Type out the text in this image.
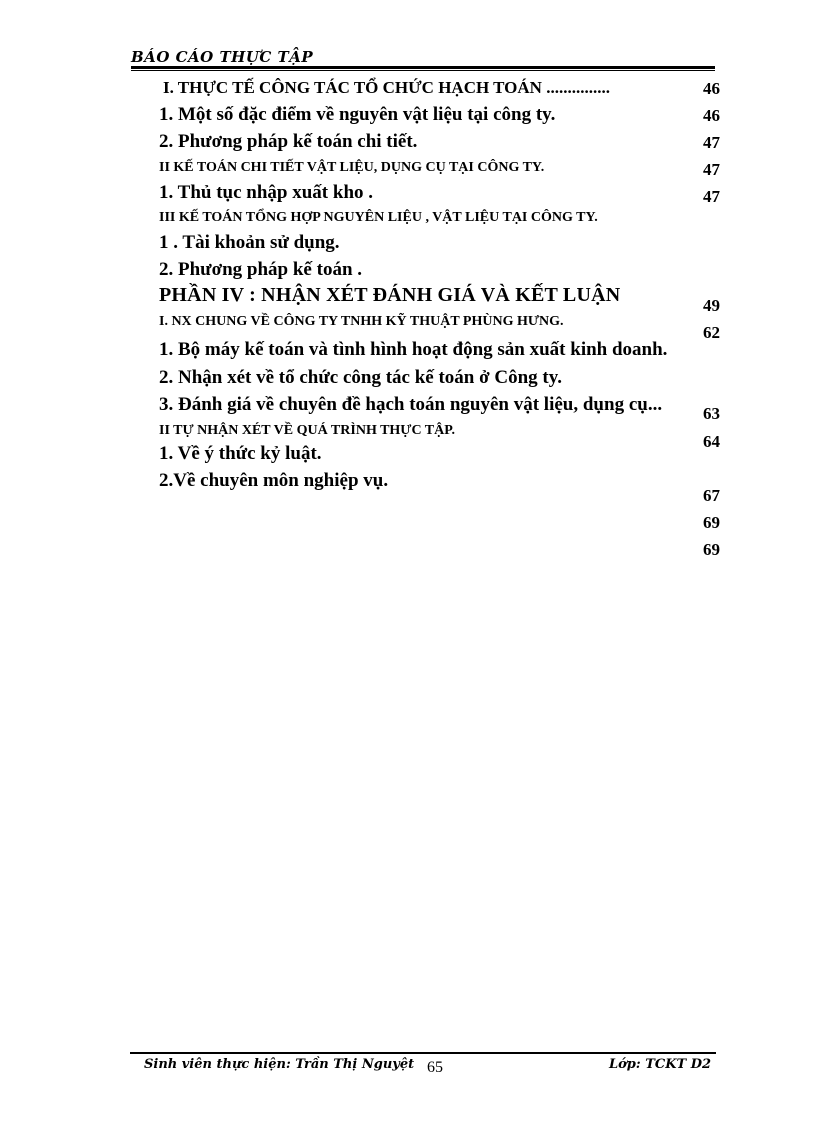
BÁO CÁO THỰC TẬP
I. THỰC TẾ CÔNG TÁC TỔ CHỨC HẠCH TOÁN ...............
1. Một số đặc điểm về nguyên vật liệu tại công ty.
2. Phương pháp kế toán chi tiết.
II KẾ TOÁN CHI TIẾT VẬT LIỆU, DỤNG CỤ TẠI CÔNG TY.
1. Thủ tục nhập xuất kho .
III KẾ TOÁN TỔNG HỢP NGUYÊN LIỆU , VẬT LIỆU TẠI CÔNG TY.
1 . Tài khoản sử dụng.
2. Phương pháp kế toán .
PHẦN IV : NHẬN XÉT ĐÁNH GIÁ VÀ KẾT LUẬN
I. NX CHUNG VỀ CÔNG TY TNHH KỸ THUẬT PHÙNG HƯNG.
1. Bộ máy kế toán và tình hình hoạt động sản xuất kinh doanh.
2. Nhận xét về tổ chức công tác kế toán ở Công ty.
3. Đánh giá về chuyên đề hạch toán nguyên vật liệu, dụng cụ...
II TỰ NHẬN XÉT VỀ QUÁ TRÌNH THỰC TẬP.
1. Về ý thức kỷ luật.
2.Về chuyên môn nghiệp vụ.
46
46
47
47
47
49
62
63
64
67
69
69
Sinh viên thực hiện: Trần Thị Nguyệt 65	Lớp: TCKT D2
